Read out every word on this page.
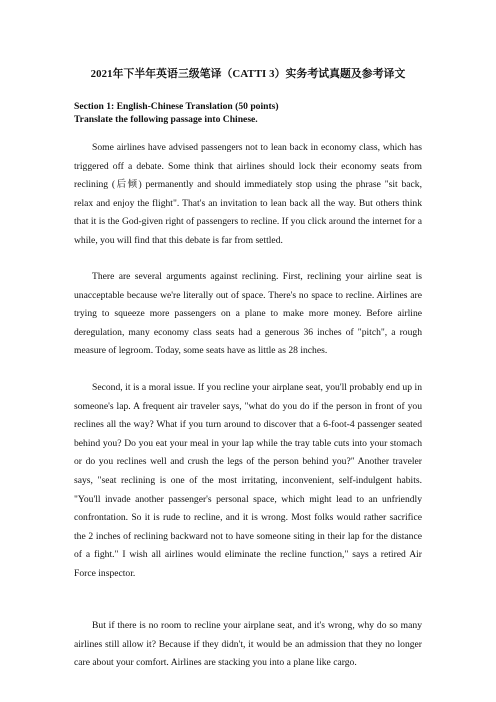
2021年下半年英语三级笔译（CATTI 3）实务考试真题及参考译文
Section 1: English-Chinese Translation (50 points)
Translate the following passage into Chinese.

Some airlines have advised passengers not to lean back in economy class, which has triggered off a debate. Some think that airlines should lock their economy seats from reclining (后倾) permanently and should immediately stop using the phrase "sit back, relax and enjoy the flight". That's an invitation to lean back all the way. But others think that it is the God-given right of passengers to recline. If you click around the internet for a while, you will find that this debate is far from settled.

There are several arguments against reclining. First, reclining your airline seat is unacceptable because we're literally out of space. There's no space to recline. Airlines are trying to squeeze more passengers on a plane to make more money. Before airline deregulation, many economy class seats had a generous 36 inches of "pitch", a rough measure of legroom. Today, some seats have as little as 28 inches.

Second, it is a moral issue. If you recline your airplane seat, you'll probably end up in someone's lap. A frequent air traveler says, "what do you do if the person in front of you reclines all the way? What if you turn around to discover that a 6-foot-4 passenger seated behind you? Do you eat your meal in your lap while the tray table cuts into your stomach or do you reclines well and crush the legs of the person behind you?" Another traveler says, "seat reclining is one of the most irritating, inconvenient, self-indulgent habits. "You'll invade another passenger's personal space, which might lead to an unfriendly confrontation. So it is rude to recline, and it is wrong. Most folks would rather sacrifice the 2 inches of reclining backward not to have someone siting in their lap for the distance of a fight." I wish all airlines would eliminate the recline function," says a retired Air Force inspector.

But if there is no room to recline your airplane seat, and it's wrong, why do so many airlines still allow it? Because if they didn't, it would be an admission that they no longer care about your comfort. Airlines are stacking you into a plane like cargo.
